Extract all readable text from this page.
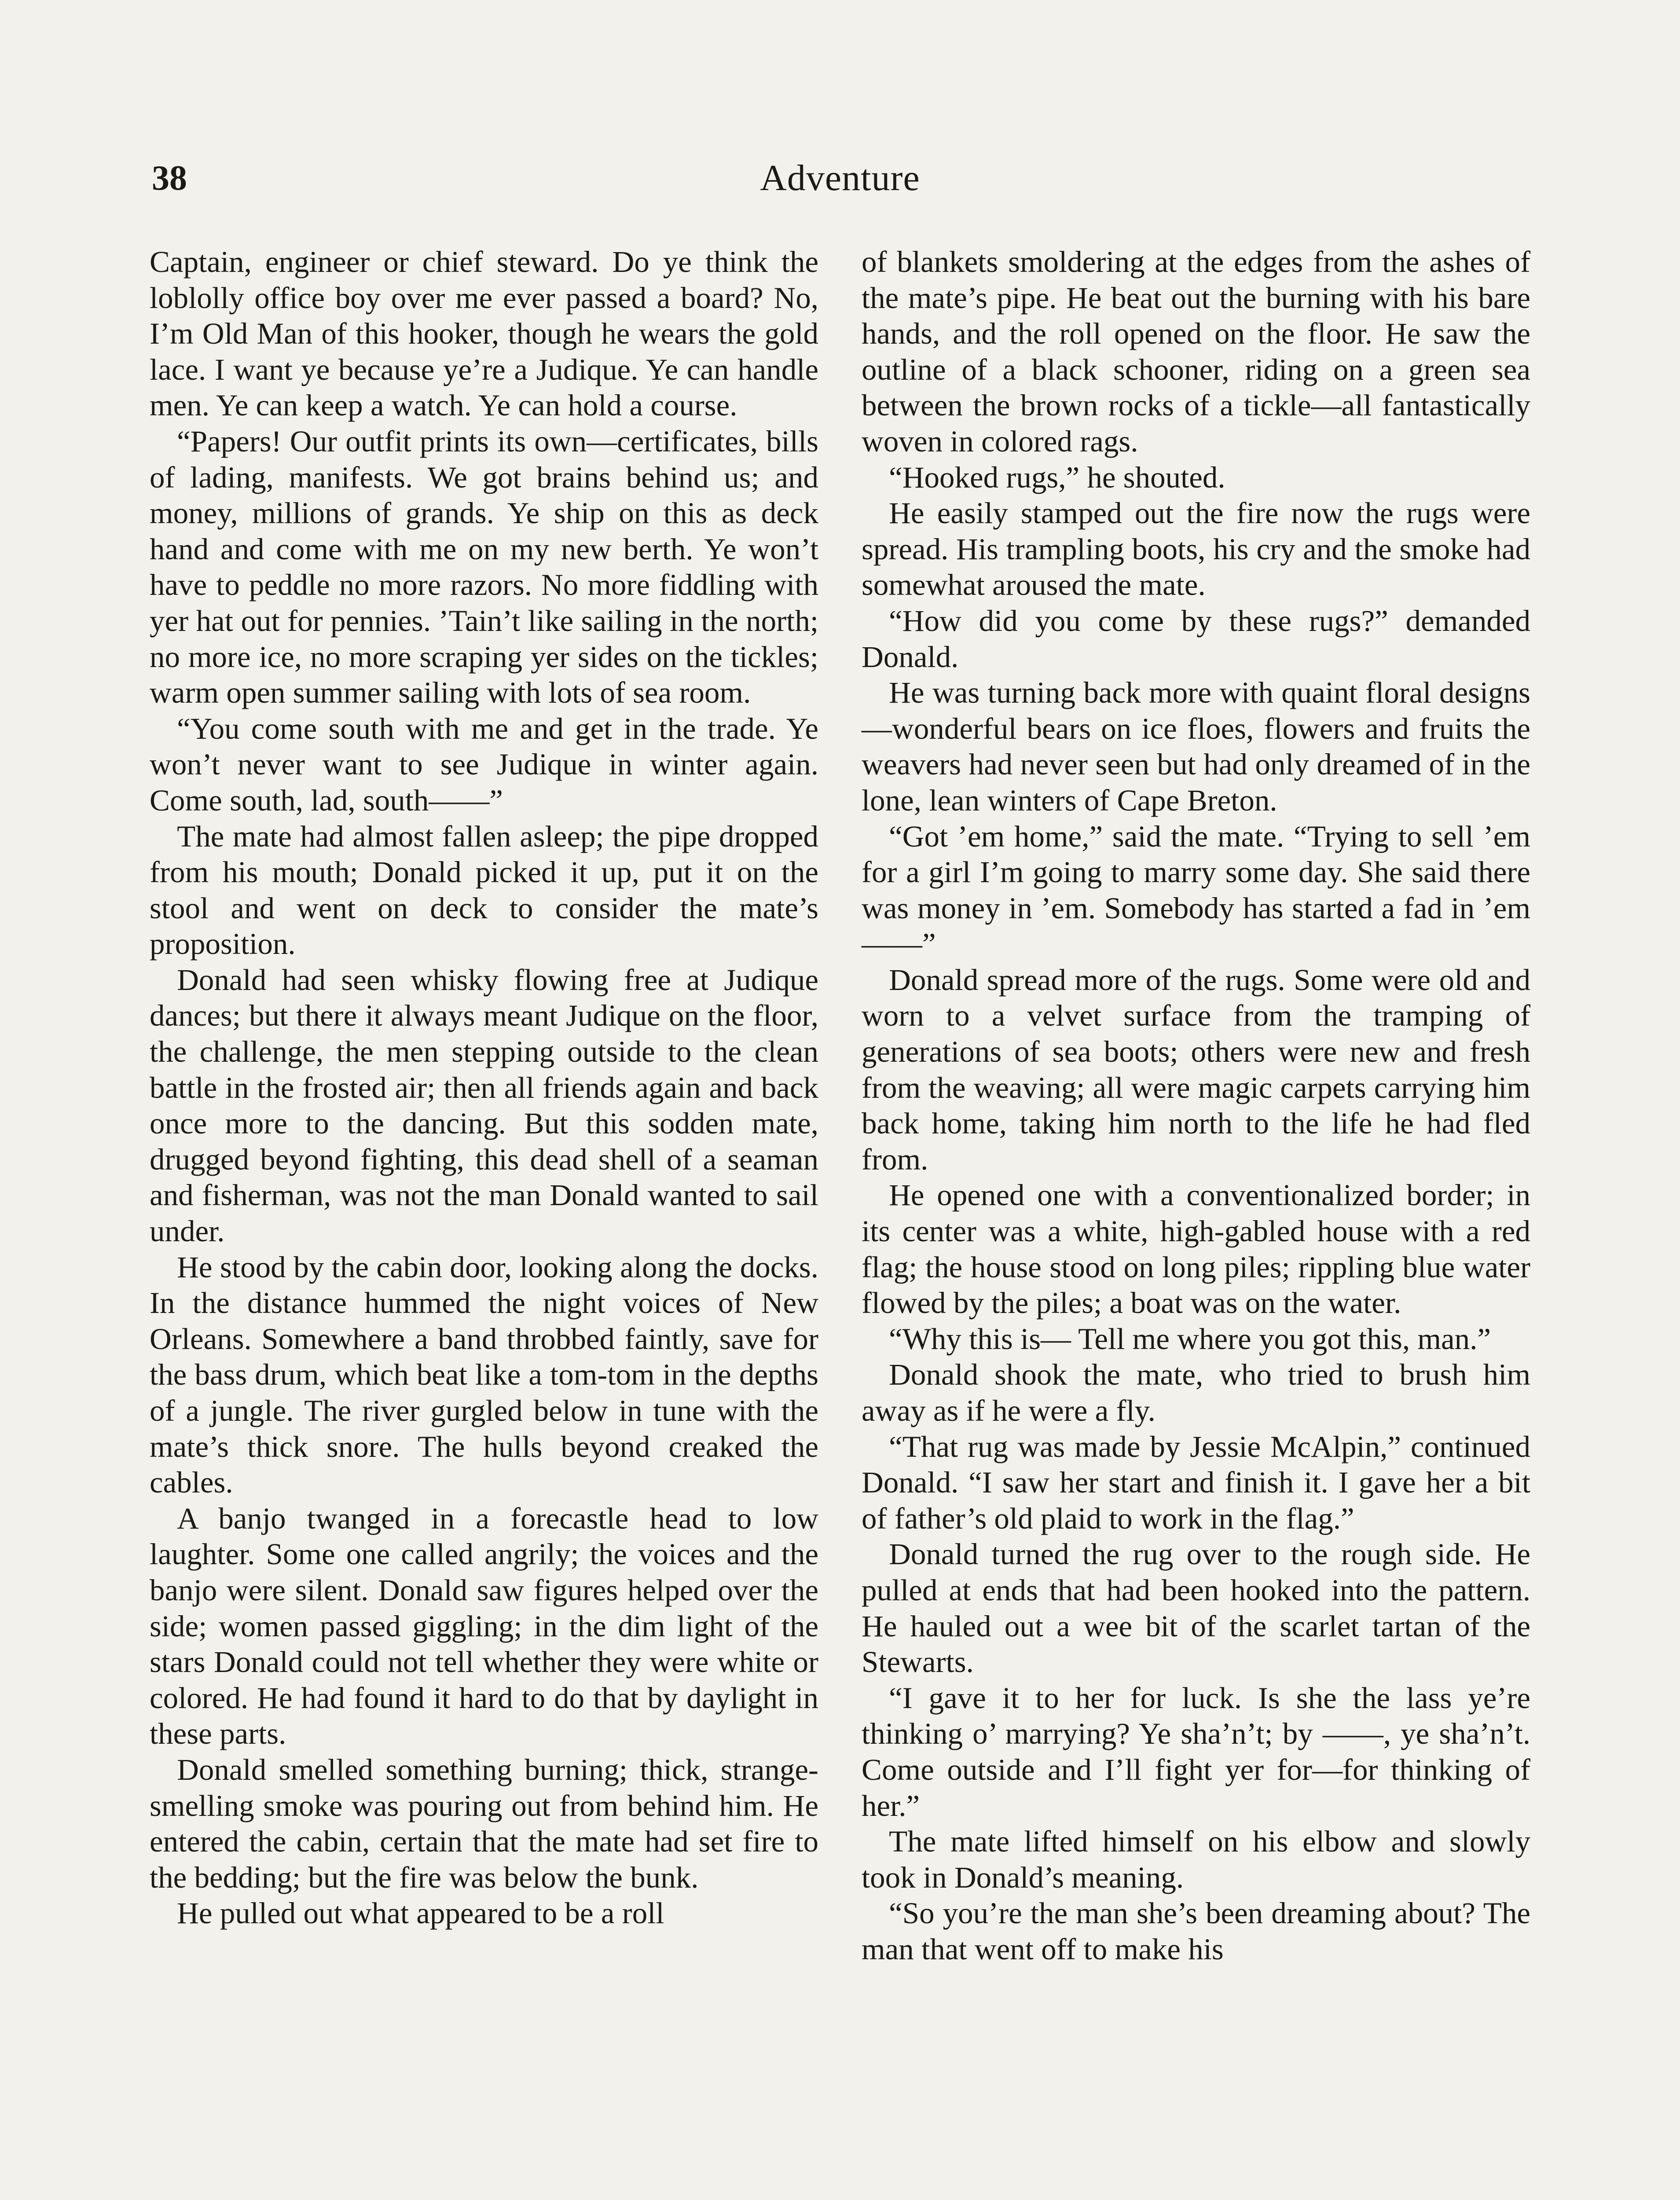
38	Adventure

Captain, engineer or chief steward. Do ye think the loblolly office boy over me ever passed a board? No, I’m Old Man of this hooker, though he wears the gold lace. I want ye because ye’re a Judique. Ye can handle men. Ye can keep a watch. Ye can hold a course.

“Papers! Our outfit prints its own—certificates, bills of lading, manifests. We got brains behind us; and money, millions of grands. Ye ship on this as deck hand and come with me on my new berth. Ye won’t have to peddle no more razors. No more fiddling with yer hat out for pennies. ’Tain’t like sailing in the north; no more ice, no more scraping yer sides on the tickles; warm open summer sailing with lots of sea room.

“You come south with me and get in the trade. Ye won’t never want to see Judique in winter again. Come south, lad, south——”

The mate had almost fallen asleep; the pipe dropped from his mouth; Donald picked it up, put it on the stool and went on deck to consider the mate’s proposition.

Donald had seen whisky flowing free at Judique dances; but there it always meant Judique on the floor, the challenge, the men stepping outside to the clean battle in the frosted air; then all friends again and back once more to the dancing. But this sodden mate, drugged beyond fighting, this dead shell of a seaman and fisherman, was not the man Donald wanted to sail under.

He stood by the cabin door, looking along the docks. In the distance hummed the night voices of New Orleans. Somewhere a band throbbed faintly, save for the bass drum, which beat like a tom-tom in the depths of a jungle. The river gurgled below in tune with the mate’s thick snore. The hulls beyond creaked the cables.

A banjo twanged in a forecastle head to low laughter. Some one called angrily; the voices and the banjo were silent. Donald saw figures helped over the side; women passed giggling; in the dim light of the stars Donald could not tell whether they were white or colored. He had found it hard to do that by daylight in these parts.

Donald smelled something burning; thick, strange-smelling smoke was pouring out from behind him. He entered the cabin, certain that the mate had set fire to the bedding; but the fire was below the bunk.

He pulled out what appeared to be a roll

of blankets smoldering at the edges from the ashes of the mate’s pipe. He beat out the burning with his bare hands, and the roll opened on the floor. He saw the outline of a black schooner, riding on a green sea between the brown rocks of a tickle—all fantastically woven in colored rags.

“Hooked rugs,” he shouted.

He easily stamped out the fire now the rugs were spread. His trampling boots, his cry and the smoke had somewhat aroused the mate.

“How did you come by these rugs?” demanded Donald.

He was turning back more with quaint floral designs—wonderful bears on ice floes, flowers and fruits the weavers had never seen but had only dreamed of in the lone, lean winters of Cape Breton.

“Got ’em home,” said the mate. “Trying to sell ’em for a girl I’m going to marry some day. She said there was money in ’em. Somebody has started a fad in ’em——”

Donald spread more of the rugs. Some were old and worn to a velvet surface from the tramping of generations of sea boots; others were new and fresh from the weaving; all were magic carpets carrying him back home, taking him north to the life he had fled from.

He opened one with a conventionalized border; in its center was a white, high-gabled house with a red flag; the house stood on long piles; rippling blue water flowed by the piles; a boat was on the water.

“Why this is— Tell me where you got this, man.”

Donald shook the mate, who tried to brush him away as if he were a fly.

“That rug was made by Jessie McAlpin,” continued Donald. “I saw her start and finish it. I gave her a bit of father’s old plaid to work in the flag.”

Donald turned the rug over to the rough side. He pulled at ends that had been hooked into the pattern. He hauled out a wee bit of the scarlet tartan of the Stewarts.

“I gave it to her for luck. Is she the lass ye’re thinking o’ marrying? Ye sha’n’t; by ——, ye sha’n’t. Come outside and I’ll fight yer for—for thinking of her.”

The mate lifted himself on his elbow and slowly took in Donald’s meaning.

“So you’re the man she’s been dreaming about? The man that went off to make his
